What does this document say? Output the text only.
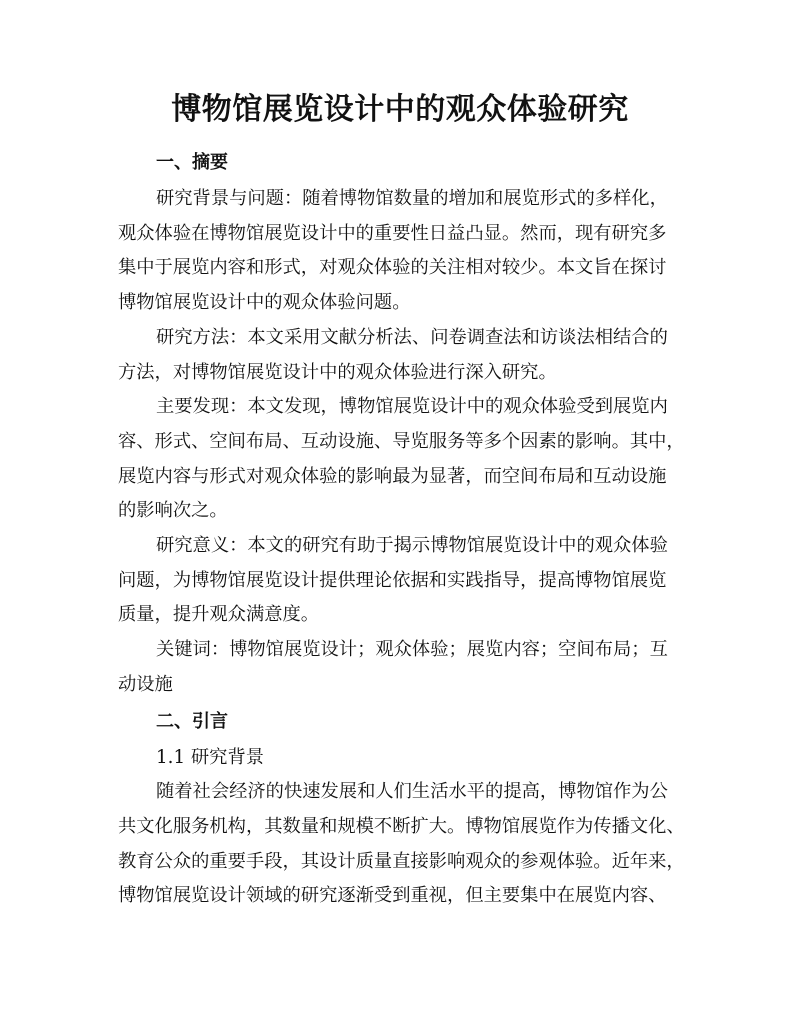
博物馆展览设计中的观众体验研究
一、摘要

研究背景与问题：随着博物馆数量的增加和展览形式的多样化，
观众体验在博物馆展览设计中的重要性日益凸显。然而，现有研究多
集中于展览内容和形式，对观众体验的关注相对较少。本文旨在探讨
博物馆展览设计中的观众体验问题。

研究方法：本文采用文献分析法、问卷调查法和访谈法相结合的
方法，对博物馆展览设计中的观众体验进行深入研究。

主要发现：本文发现，博物馆展览设计中的观众体验受到展览内
容、形式、空间布局、互动设施、导览服务等多个因素的影响。其中，
展览内容与形式对观众体验的影响最为显著，而空间布局和互动设施
的影响次之。

研究意义：本文的研究有助于揭示博物馆展览设计中的观众体验
问题，为博物馆展览设计提供理论依据和实践指导，提高博物馆展览
质量，提升观众满意度。

关键词：博物馆展览设计；观众体验；展览内容；空间布局；互
动设施

二、引言

1.1 研究背景

随着社会经济的快速发展和人们生活水平的提高，博物馆作为公
共文化服务机构，其数量和规模不断扩大。博物馆展览作为传播文化、
教育公众的重要手段，其设计质量直接影响观众的参观体验。近年来，
博物馆展览设计领域的研究逐渐受到重视，但主要集中在展览内容、
